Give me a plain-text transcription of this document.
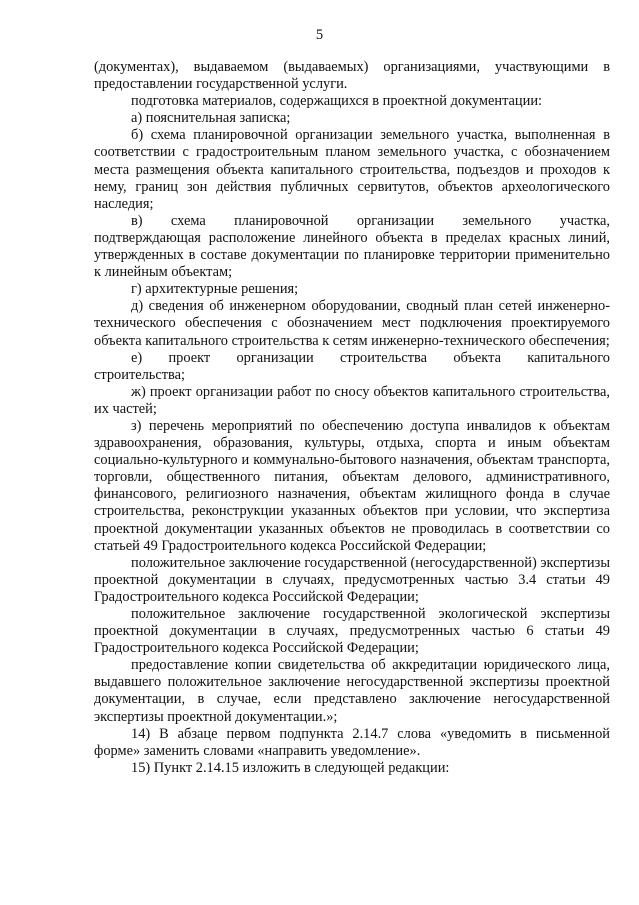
5

(документах), выдаваемом (выдаваемых) организациями, участвующими в предоставлении государственной услуги.

подготовка материалов, содержащихся в проектной документации:

а) пояснительная записка;

б) схема планировочной организации земельного участка, выполненная в соответствии с градостроительным планом земельного участка, с обозначением места размещения объекта капитального строительства, подъездов и проходов к нему, границ зон действия публичных сервитутов, объектов археологического наследия;

в) схема планировочной организации земельного участка,

подтверждающая расположение линейного объекта в пределах красных линий, утвержденных в составе документации по планировке территории применительно к линейным объектам;

г) архитектурные решения;

д) сведения об инженерном оборудовании, сводный план сетей инженерно-технического обеспечения с обозначением мест подключения проектируемого объекта капитального строительства к сетям инженерно-технического обеспечения;

е) проект организации строительства объекта капитального

строительства;

ж) проект организации работ по сносу объектов капитального строительства, их частей;

з) перечень мероприятий по обеспечению доступа инвалидов к объектам здравоохранения, образования, культуры, отдыха, спорта и иным объектам социально-культурного и коммунально-бытового назначения, объектам транспорта, торговли, общественного питания, объектам делового, административного, финансового, религиозного назначения, объектам жилищного фонда в случае строительства, реконструкции указанных объектов при условии, что экспертиза проектной документации указанных объектов не проводилась в соответствии со статьей 49 Градостроительного кодекса Российской Федерации;

положительное заключение государственной (негосударственной) экспертизы проектной документации в случаях, предусмотренных частью 3.4 статьи 49 Градостроительного кодекса Российской Федерации;

положительное заключение государственной экологической экспертизы проектной документации в случаях, предусмотренных частью 6 статьи 49 Градостроительного кодекса Российской Федерации;

предоставление копии свидетельства об аккредитации юридического лица, выдавшего положительное заключение негосударственной экспертизы проектной документации, в случае, если представлено заключение негосударственной экспертизы проектной документации.»;

14) В абзаце первом подпункта 2.14.7 слова «уведомить в письменной форме» заменить словами «направить уведомление».

15) Пункт 2.14.15 изложить в следующей редакции:
